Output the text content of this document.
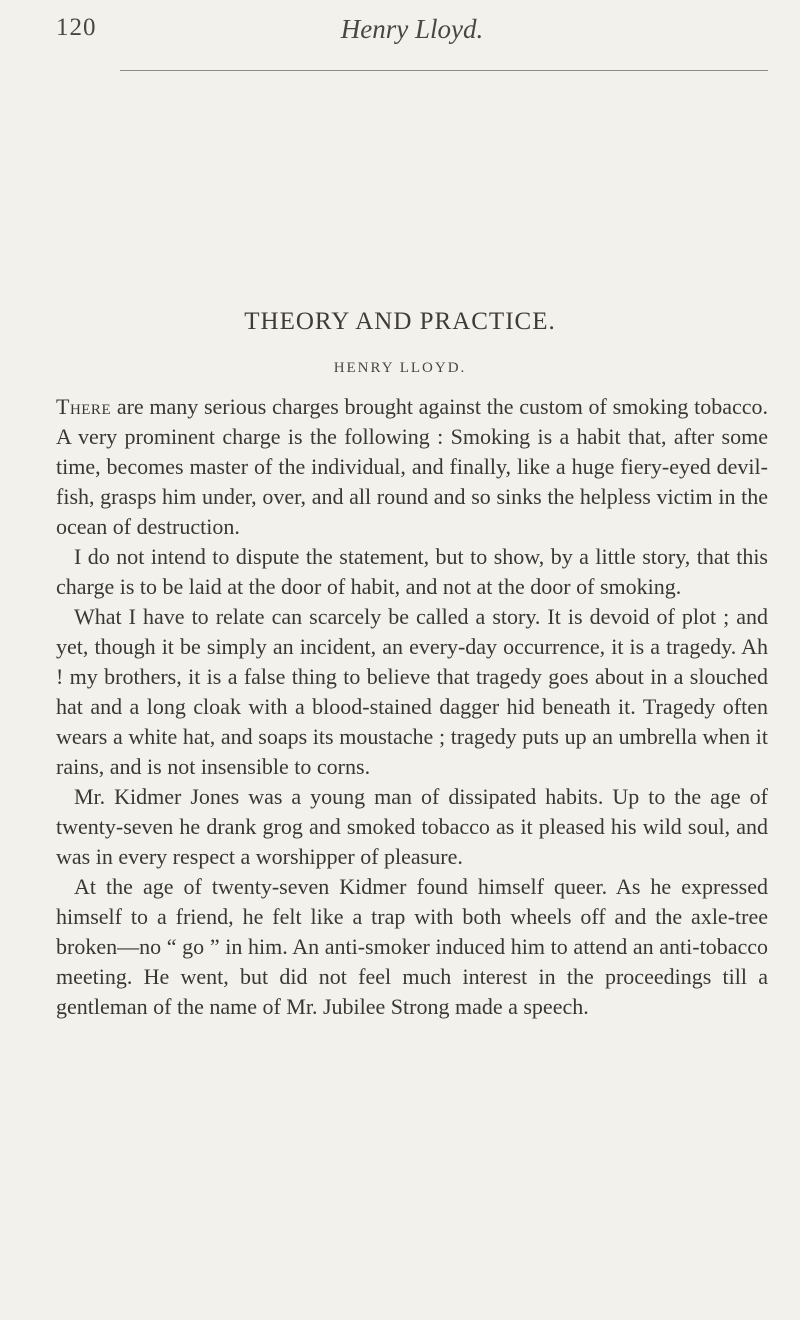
120	Henry Lloyd.
THEORY AND PRACTICE.
HENRY LLOYD.

There are many serious charges brought against the custom of smoking tobacco. A very prominent charge is the following : Smoking is a habit that, after some time, becomes master of the individual, and finally, like a huge fiery-eyed devil-fish, grasps him under, over, and all round and so sinks the helpless victim in the ocean of destruction.

I do not intend to dispute the statement, but to show, by a little story, that this charge is to be laid at the door of habit, and not at the door of smoking.

What I have to relate can scarcely be called a story. It is devoid of plot ; and yet, though it be simply an incident, an every-day occurrence, it is a tragedy. Ah ! my brothers, it is a false thing to believe that tragedy goes about in a slouched hat and a long cloak with a blood-stained dagger hid beneath it. Tragedy often wears a white hat, and soaps its moustache ; tragedy puts up an umbrella when it rains, and is not insensible to corns.

Mr. Kidmer Jones was a young man of dissipated habits. Up to the age of twenty-seven he drank grog and smoked tobacco as it pleased his wild soul, and was in every respect a worshipper of pleasure.

At the age of twenty-seven Kidmer found himself queer. As he expressed himself to a friend, he felt like a trap with both wheels off and the axle-tree broken—no “ go ” in him. An anti-smoker induced him to attend an anti-tobacco meeting. He went, but did not feel much interest in the proceedings till a gentleman of the name of Mr. Jubilee Strong made a speech.
